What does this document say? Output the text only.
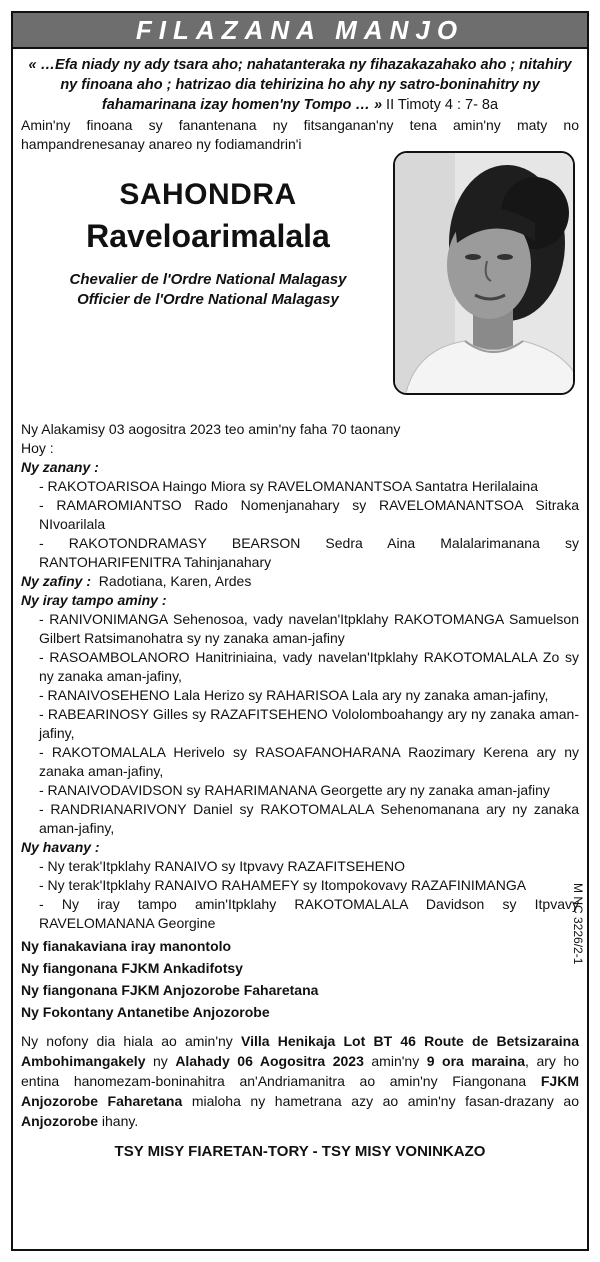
FILAZANA MANJO
« …Efa niady ny ady tsara aho; nahatanteraka ny fihazakazahako aho ; nitahiry ny finoana aho ; hatrizao dia tehirizina ho ahy ny satro-boninahitry ny fahamarinana izay homen'ny Tompo … » II Timoty 4 : 7- 8a
Amin'ny finoana sy fanantenana ny fitsanganan'ny tena amin'ny maty no hampandrenesanay anareo ny fodiamandrin'i
Ny Alakamisy 03 aogositra 2023 teo amin'ny faha 70 taonany
Hoy :
Ny zanany :
- RAKOTOARISOA Haingo Miora sy RAVELOMANANTSOA Santatra Herilalaina
- RAMAROMIANTSO Rado Nomenjanahary sy RAVELOMANANTSOA Sitraka NIvoarilala
- RAKOTONDRAMASY BEARSON Sedra Aina Malalarimanana sy RANTOHARIFENITRA Tahinjanahary
Ny zafiny : Radotiana, Karen, Ardes
Ny iray tampo aminy :
- RANIVONIMANGA Sehenosoa, vady navelan'Itpklahy RAKOTOMANGA Samuelson Gilbert Ratsimanohatra sy ny zanaka aman-jafiny
- RASOAMBOLANORO Hanitriniaina, vady navelan'Itpklahy RAKOTOMALALA Zo sy ny zanaka aman-jafiny,
- RANAIVOSEHENO Lala Herizo sy RAHARISOA Lala ary ny zanaka aman-jafiny,
- RABEARINOSY Gilles sy RAZAFITSEHENO Vololomboahangy ary ny zanaka aman-jafiny,
- RAKOTOMALALA Herivelo sy RASOAFANOHARANA Raozimary Kerena ary ny zanaka aman-jafiny,
- RANAIVODAVIDSON sy RAHARIMANANA Georgette ary ny zanaka aman-jafiny
- RANDRIANARIVONY Daniel sy RAKOTOMALALA Sehenomanana ary ny zanaka aman-jafiny,
Ny havany :
- Ny terak'Itpklahy RANAIVO sy Itpvavy RAZAFITSEHENO
- Ny terak'Itpklahy RANAIVO RAHAMEFY sy Itompokovavy RAZAFINIMANGA
- Ny iray tampo amin'Itpklahy RAKOTOMALALA Davidson sy Itpvavy RAVELOMANANA Georgine
Ny fianakaviana iray manontolo
Ny fiangonana FJKM Ankadifotsy
Ny fiangonana FJKM Anjozorobe Faharetana
Ny Fokontany Antanetibe Anjozorobe
Ny nofony dia hiala ao amin'ny Villa Henikaja Lot BT 46 Route de Betsizaraina Ambohimangakely ny Alahady 06 Aogositra 2023 amin'ny 9 ora maraina, ary ho entina hanomezam-boninahitra an'Andriamanitra ao amin'ny Fiangonana FJKM Anjozorobe Faharetana mialoha ny hametrana azy ao amin'ny fasan-drazany ao Anjozorobe ihany.
TSY MISY FIARETAN-TORY - TSY MISY VONINKAZO
SAHONDRA
Raveloarimalala
Chevalier de l'Ordre National Malagasy
Officier de l'Ordre National Malagasy
M NC 3226/2-1
